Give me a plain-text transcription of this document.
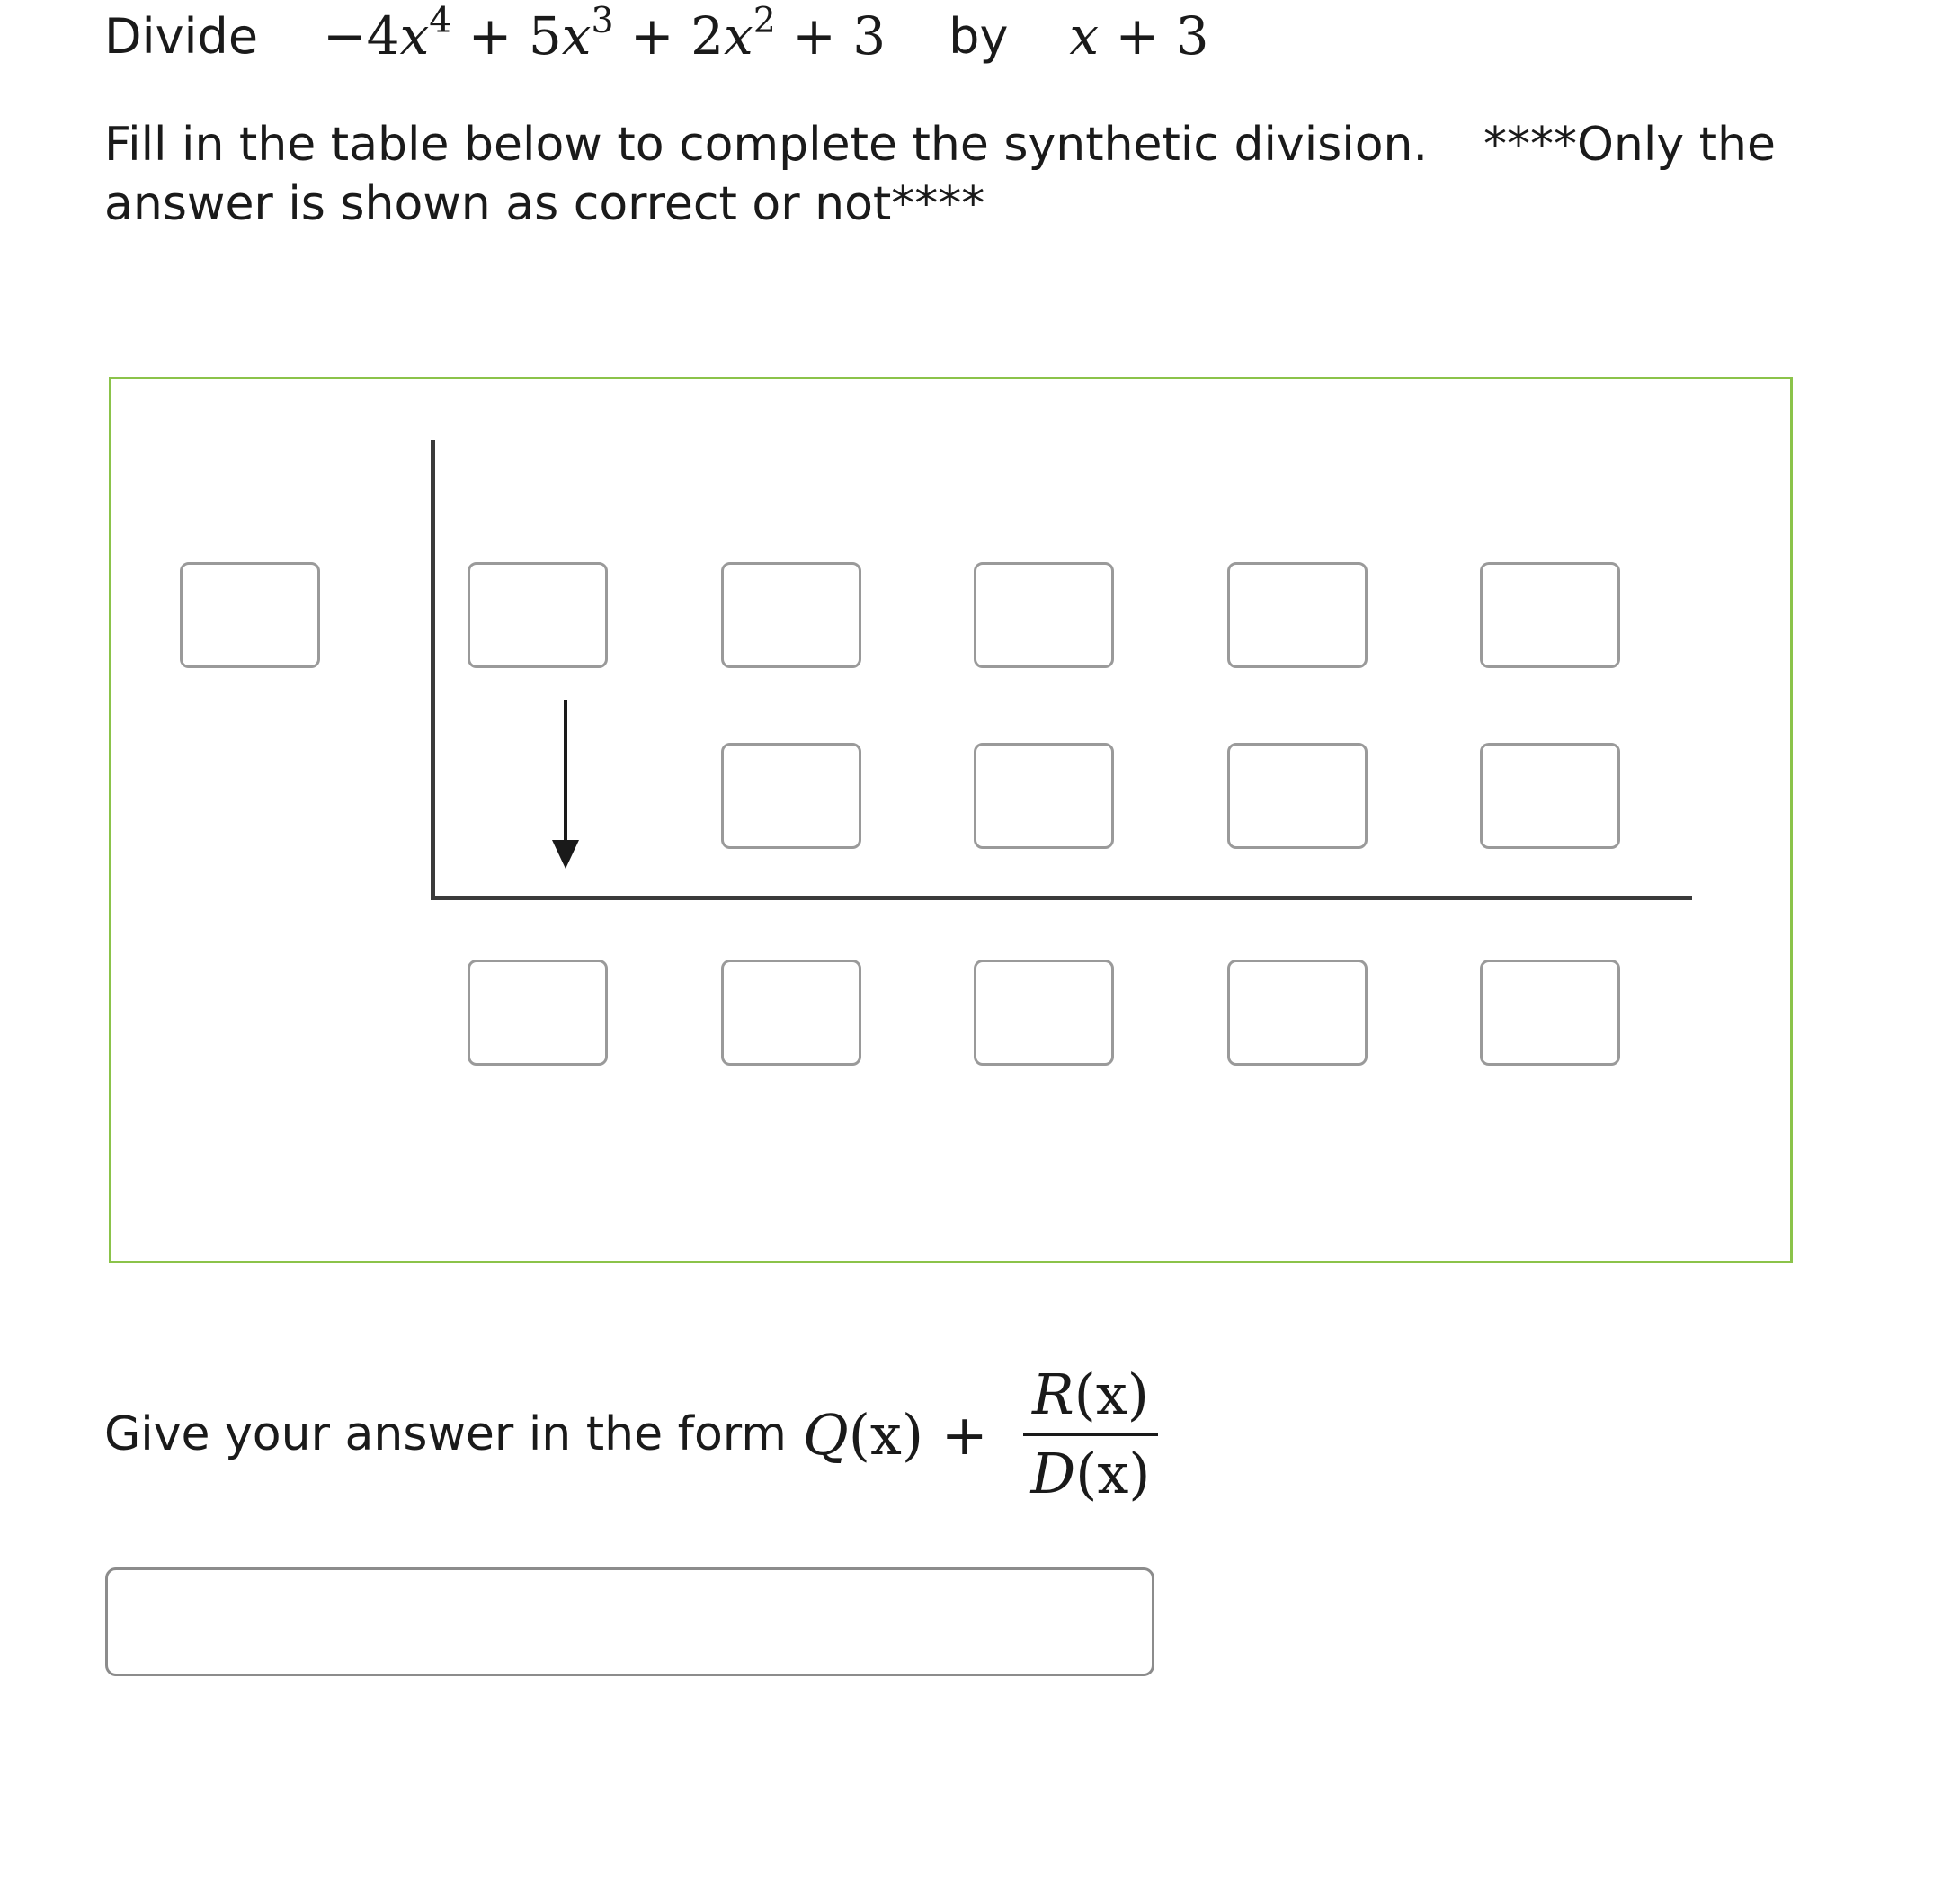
Divide $-4x^4 + 5x^3 + 2x^2 + 3$ by x + 3
Fill in the table below to complete the synthetic division. ****Only the
answer is shown as correct or not****
Give your answer in the form Q $(x) + \frac{R(x)}{D(x)}$
